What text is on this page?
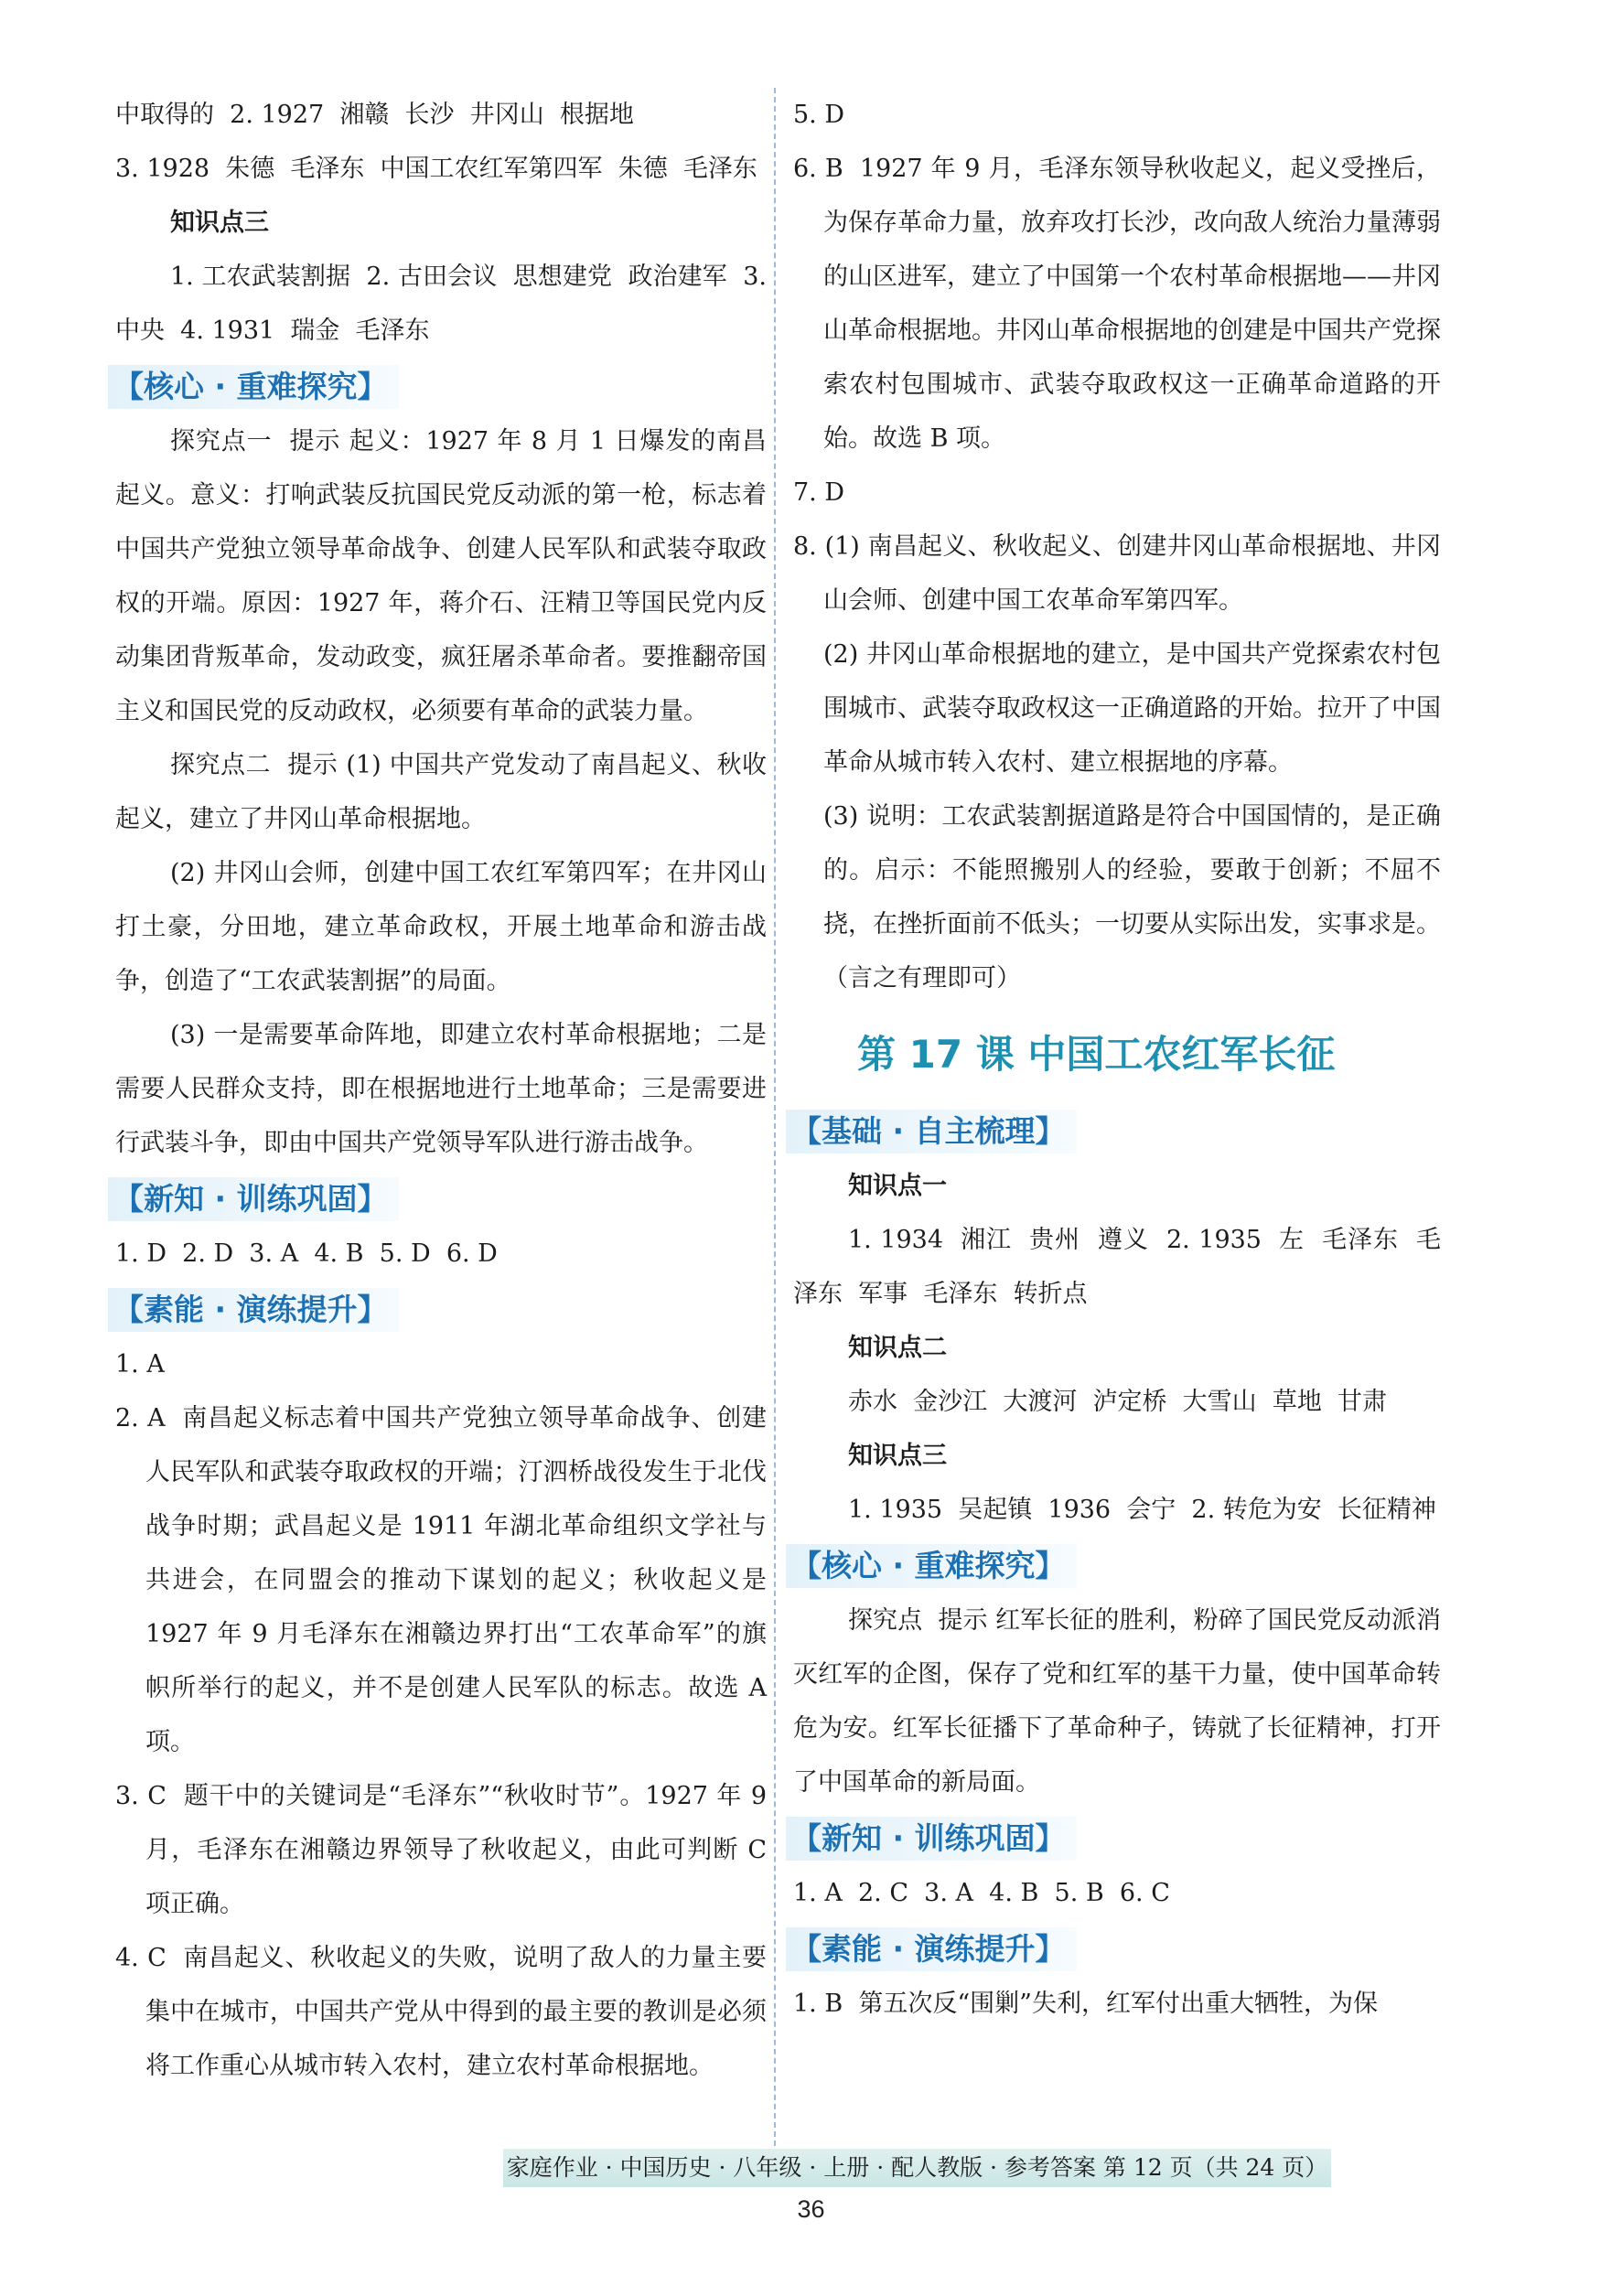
中取得的  2. 1927  湘赣  长沙  井冈山  根据地

3. 1928  朱德  毛泽东  中国工农红军第四军  朱德  毛泽东

知识点三

1. 工农武装割据  2. 古田会议  思想建党  政治建军  3. 中央  4. 1931  瑞金  毛泽东

【核心 · 重难探究】

探究点一  提示 起义：1927 年 8 月 1 日爆发的南昌起义。意义：打响武装反抗国民党反动派的第一枪，标志着中国共产党独立领导革命战争、创建人民军队和武装夺取政权的开端。原因：1927 年，蒋介石、汪精卫等国民党内反动集团背叛革命，发动政变，疯狂屠杀革命者。要推翻帝国主义和国民党的反动政权，必须要有革命的武装力量。

探究点二  提示 (1) 中国共产党发动了南昌起义、秋收起义，建立了井冈山革命根据地。

(2) 井冈山会师，创建中国工农红军第四军；在井冈山打土豪，分田地，建立革命政权，开展土地革命和游击战争，创造了“工农武装割据”的局面。

(3) 一是需要革命阵地，即建立农村革命根据地；二是需要人民群众支持，即在根据地进行土地革命；三是需要进行武装斗争，即由中国共产党领导军队进行游击战争。

【新知 · 训练巩固】

1. D  2. D  3. A  4. B  5. D  6. D

【素能 · 演练提升】

1. A

2. A  南昌起义标志着中国共产党独立领导革命战争、创建人民军队和武装夺取政权的开端；汀泗桥战役发生于北伐战争时期；武昌起义是 1911 年湖北革命组织文学社与共进会，在同盟会的推动下谋划的起义；秋收起义是 1927 年 9 月毛泽东在湘赣边界打出“工农革命军”的旗帜所举行的起义，并不是创建人民军队的标志。故选 A 项。

3. C  题干中的关键词是“毛泽东”“秋收时节”。1927 年 9 月，毛泽东在湘赣边界领导了秋收起义，由此可判断 C 项正确。

4. C  南昌起义、秋收起义的失败，说明了敌人的力量主要集中在城市，中国共产党从中得到的最主要的教训是必须将工作重心从城市转入农村，建立农村革命根据地。

5. D

6. B  1927 年 9 月，毛泽东领导秋收起义，起义受挫后，为保存革命力量，放弃攻打长沙，改向敌人统治力量薄弱的山区进军，建立了中国第一个农村革命根据地——井冈山革命根据地。井冈山革命根据地的创建是中国共产党探索农村包围城市、武装夺取政权这一正确革命道路的开始。故选 B 项。

7. D

8. (1) 南昌起义、秋收起义、创建井冈山革命根据地、井冈山会师、创建中国工农革命军第四军。

(2) 井冈山革命根据地的建立，是中国共产党探索农村包围城市、武装夺取政权这一正确道路的开始。拉开了中国革命从城市转入农村、建立根据地的序幕。

(3) 说明：工农武装割据道路是符合中国国情的，是正确的。启示：不能照搬别人的经验，要敢于创新；不屈不挠，在挫折面前不低头；一切要从实际出发，实事求是。（言之有理即可）

第 17 课 中国工农红军长征
【基础 · 自主梳理】

知识点一

1. 1934  湘江  贵州  遵义  2. 1935  左  毛泽东  毛泽东  军事  毛泽东  转折点

知识点二

赤水  金沙江  大渡河  泸定桥  大雪山  草地  甘肃

知识点三

1. 1935  吴起镇  1936  会宁  2. 转危为安  长征精神

【核心 · 重难探究】

探究点  提示 红军长征的胜利，粉碎了国民党反动派消灭红军的企图，保存了党和红军的基干力量，使中国革命转危为安。红军长征播下了革命种子，铸就了长征精神，打开了中国革命的新局面。

【新知 · 训练巩固】

1. A  2. C  3. A  4. B  5. B  6. C

【素能 · 演练提升】

1. B  第五次反“围剿”失利，红军付出重大牺牲，为保

家庭作业 · 中国历史 · 八年级 · 上册 · 配人教版 · 参考答案 第 12 页（共 24 页）
36
